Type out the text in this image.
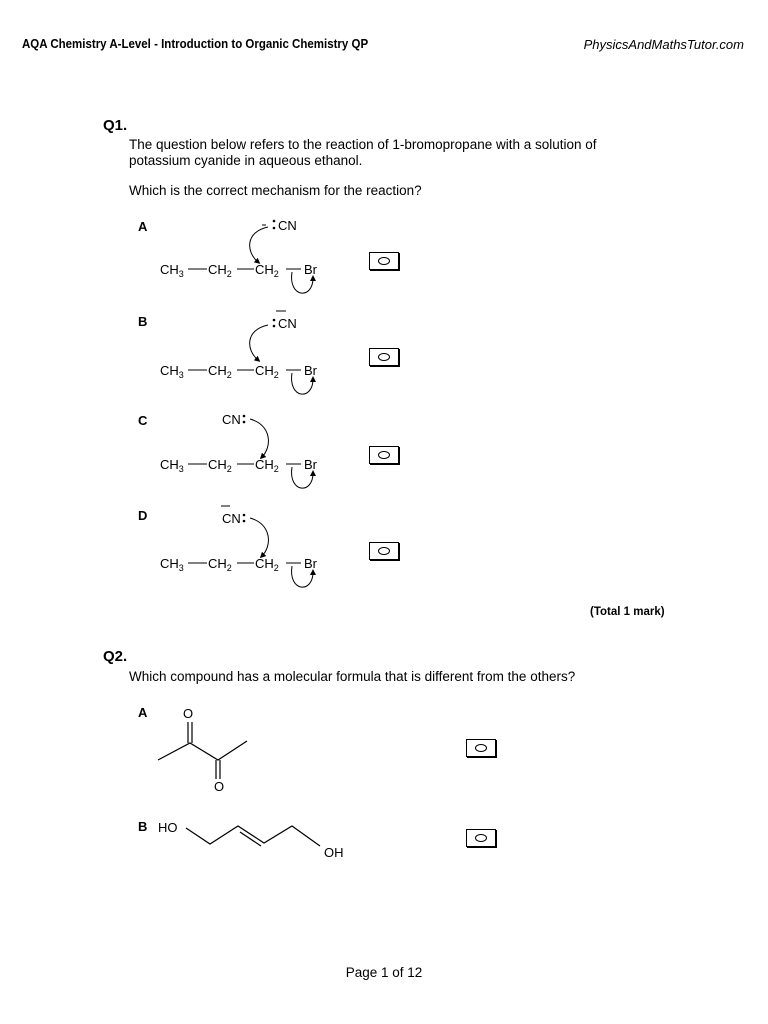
AQA Chemistry A-Level - Introduction to Organic Chemistry QP	PhysicsAndMathsTutor.com
Q1.
The question below refers to the reaction of 1-bromopropane with a solution of
potassium cyanide in aqueous ethanol.
Which is the correct mechanism for the reaction?
A	CN
$CH_3$ $CH_2$ $CH_2$ Br
B	CN
$CH_3$ $CH_2$ $CH_2$ Br
C	CN
$CH_3$ $CH_2$ $CH_2$ Br
D	CN
$CH_3$ $CH_2$ $CH_2$ Br
(Total 1 mark)
Q2.
Which compound has a molecular formula that is different from the others?
A	O
O
B HO
OH
Page 1 of 12
